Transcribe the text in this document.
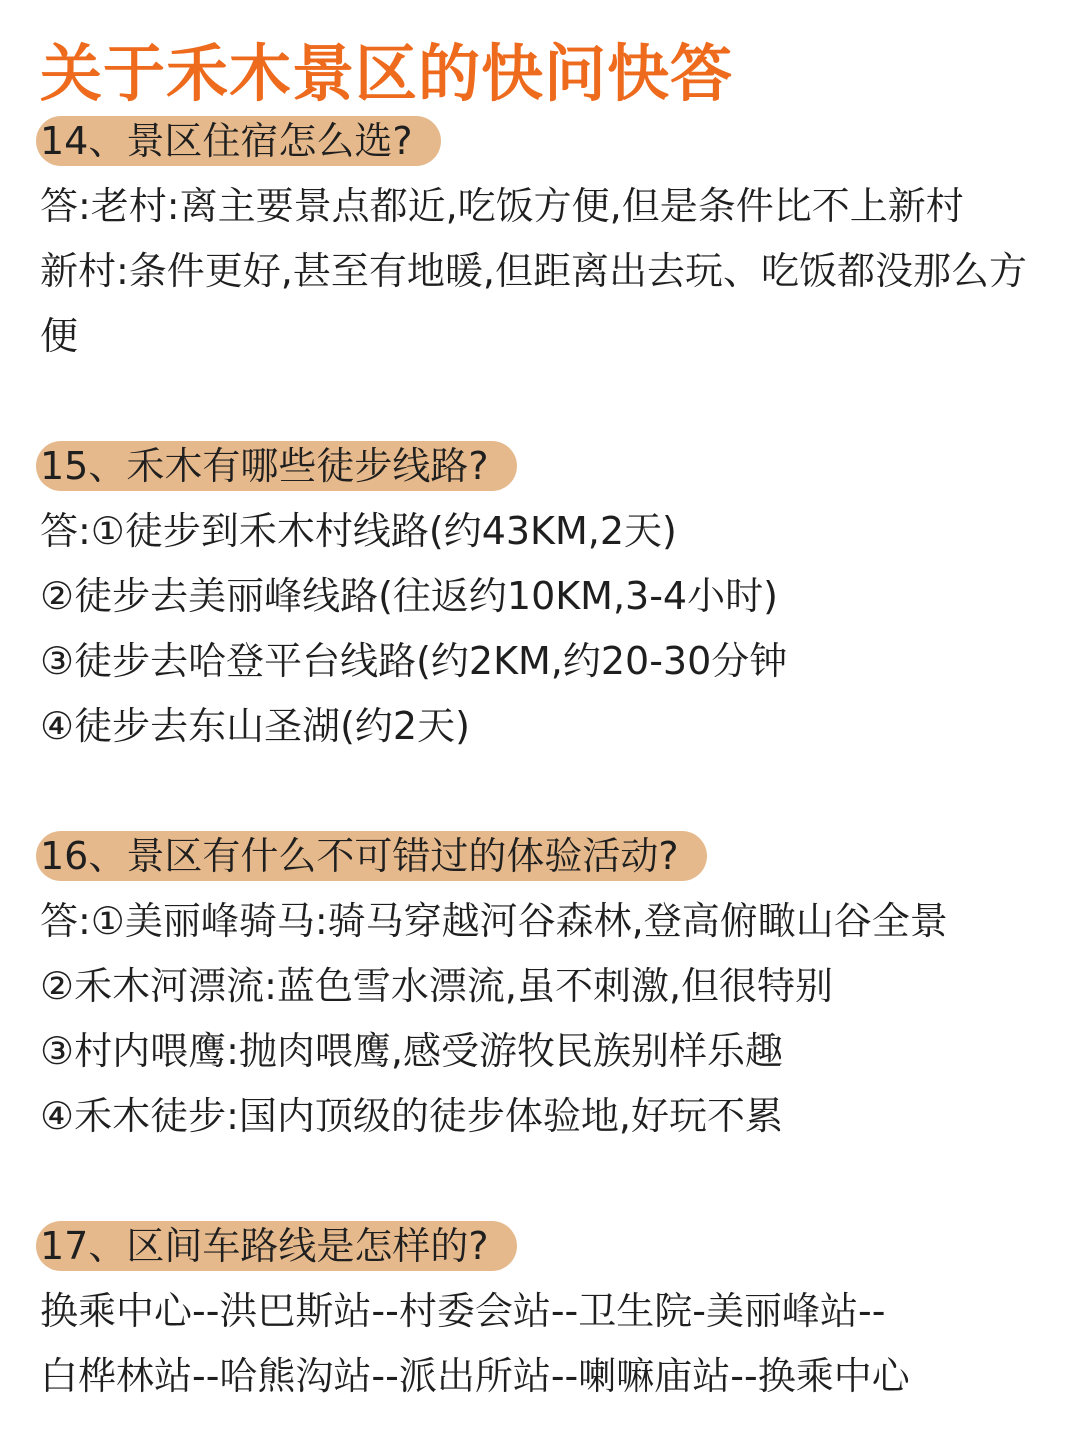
关于禾木景区的快问快答
14、景区住宿怎么选?
答:老村:离主要景点都近,吃饭方便,但是条件比不上新村
新村:条件更好,甚至有地暖,但距离出去玩、吃饭都没那么方便
15、禾木有哪些徒步线路?
答:①徒步到禾木村线路(约43KM,2天)
②徒步去美丽峰线路(往返约10KM,3-4小时)
③徒步去哈登平台线路(约2KM,约20-30分钟
④徒步去东山圣湖(约2天)
16、景区有什么不可错过的体验活动?
答:①美丽峰骑马:骑马穿越河谷森林,登高俯瞰山谷全景
②禾木河漂流:蓝色雪水漂流,虽不刺激,但很特别
③村内喂鹰:抛肉喂鹰,感受游牧民族别样乐趣
④禾木徒步:国内顶级的徒步体验地,好玩不累
17、区间车路线是怎样的?
换乘中心--洪巴斯站--村委会站--卫生院-美丽峰站--
白桦林站--哈熊沟站--派出所站--喇嘛庙站--换乘中心
